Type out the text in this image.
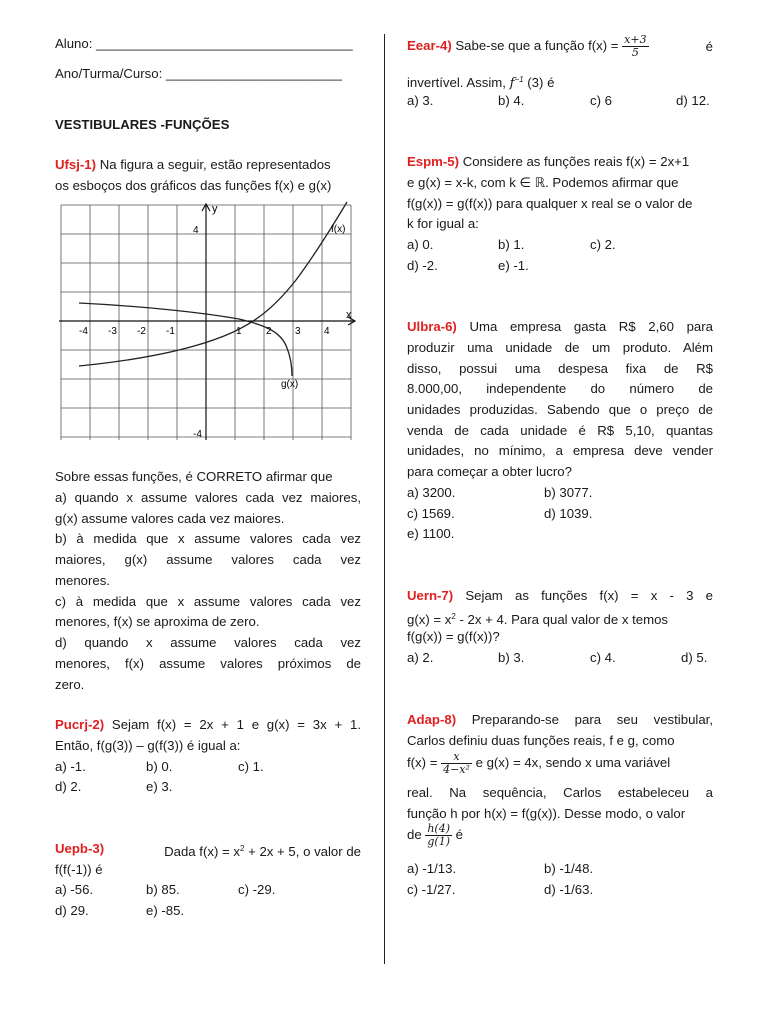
Aluno: ___________________________________
Ano/Turma/Curso: ________________________
VESTIBULARES -FUNÇÕES
Ufsj-1) Na figura a seguir, estão representados
os esboços dos gráficos das funções f(x) e g(x)
y
x
4
-4
f(x)
g(x)
-4 -3 -2 -1	1 2 3 4
Sobre essas funções, é CORRETO afirmar que
a) quando x assume valores cada vez maiores,
g(x) assume valores cada vez maiores.
b) à medida que x assume valores cada vez
maiores, g(x) assume valores cada vez
menores.
c) à medida que x assume valores cada vez
menores, f(x) se aproxima de zero.
d) quando x assume valores cada vez
menores, f(x) assume valores próximos de
zero.
Pucrj-2) Sejam f(x) = 2x + 1 e g(x) = 3x + 1.
Então, f(g(3)) – g(f(3)) é igual a:
a) -1.	b) 0.	c) 1.
d) 2.	e) 3.
Uepb-3)	Dada $f(x) = x^2 + 2x + 5$, o valor de
f(f(-1)) é
a) -56.	b) 85.	c) -29.
d) 29.	e) -85.
Eear-4) Sabe-se que a função $f(x) = \frac{x+3}{5}$	é
invertível. Assim, $f^{-1}$ (3) é
a) 3.	b) 4.	c) 6	d) 12.
Espm-5) Considere as funções reais f(x) = 2x+1
e g(x) = x-k, com k ∈ ℝ. Podemos afirmar que
f(g(x)) = g(f(x)) para qualquer x real se o valor de
k for igual a:
a) 0.	b) 1.	c) 2.
d) -2.	e) -1.
Ulbra-6) Uma empresa gasta R$ 2,60 para
produzir uma unidade de um produto. Além
disso, possui uma despesa fixa de R$
8.000,00, independente do número de
unidades produzidas. Sabendo que o preço de
venda de cada unidade é R$ 5,10, quantas
unidades, no mínimo, a empresa deve vender
para começar a obter lucro?
a) 3200.	b) 3077.
c) 1569.	d) 1039.
e) 1100.
Uern-7) Sejam as funções f(x) = x - 3 e
$g(x) = x^2 - 2x + 4$. Para qual valor de x temos
f(g(x)) = g(f(x))?
a) 2.	b) 3.	c) 4.	d) 5.
Adap-8) Preparando-se para seu vestibular,
Carlos definiu duas funções reais, f e g, como
$f(x) = \frac{x}{\text{4−x²}}$ e g(x) = 4x, sendo x uma variável
real. Na sequência, Carlos estabeleceu a
função h por h(x) = f(g(x)). Desse modo, o valor
de $\frac{h(4)}{g(1)}$ é
a) -1/13.	b) -1/48.
c) -1/27.	d) -1/63.
